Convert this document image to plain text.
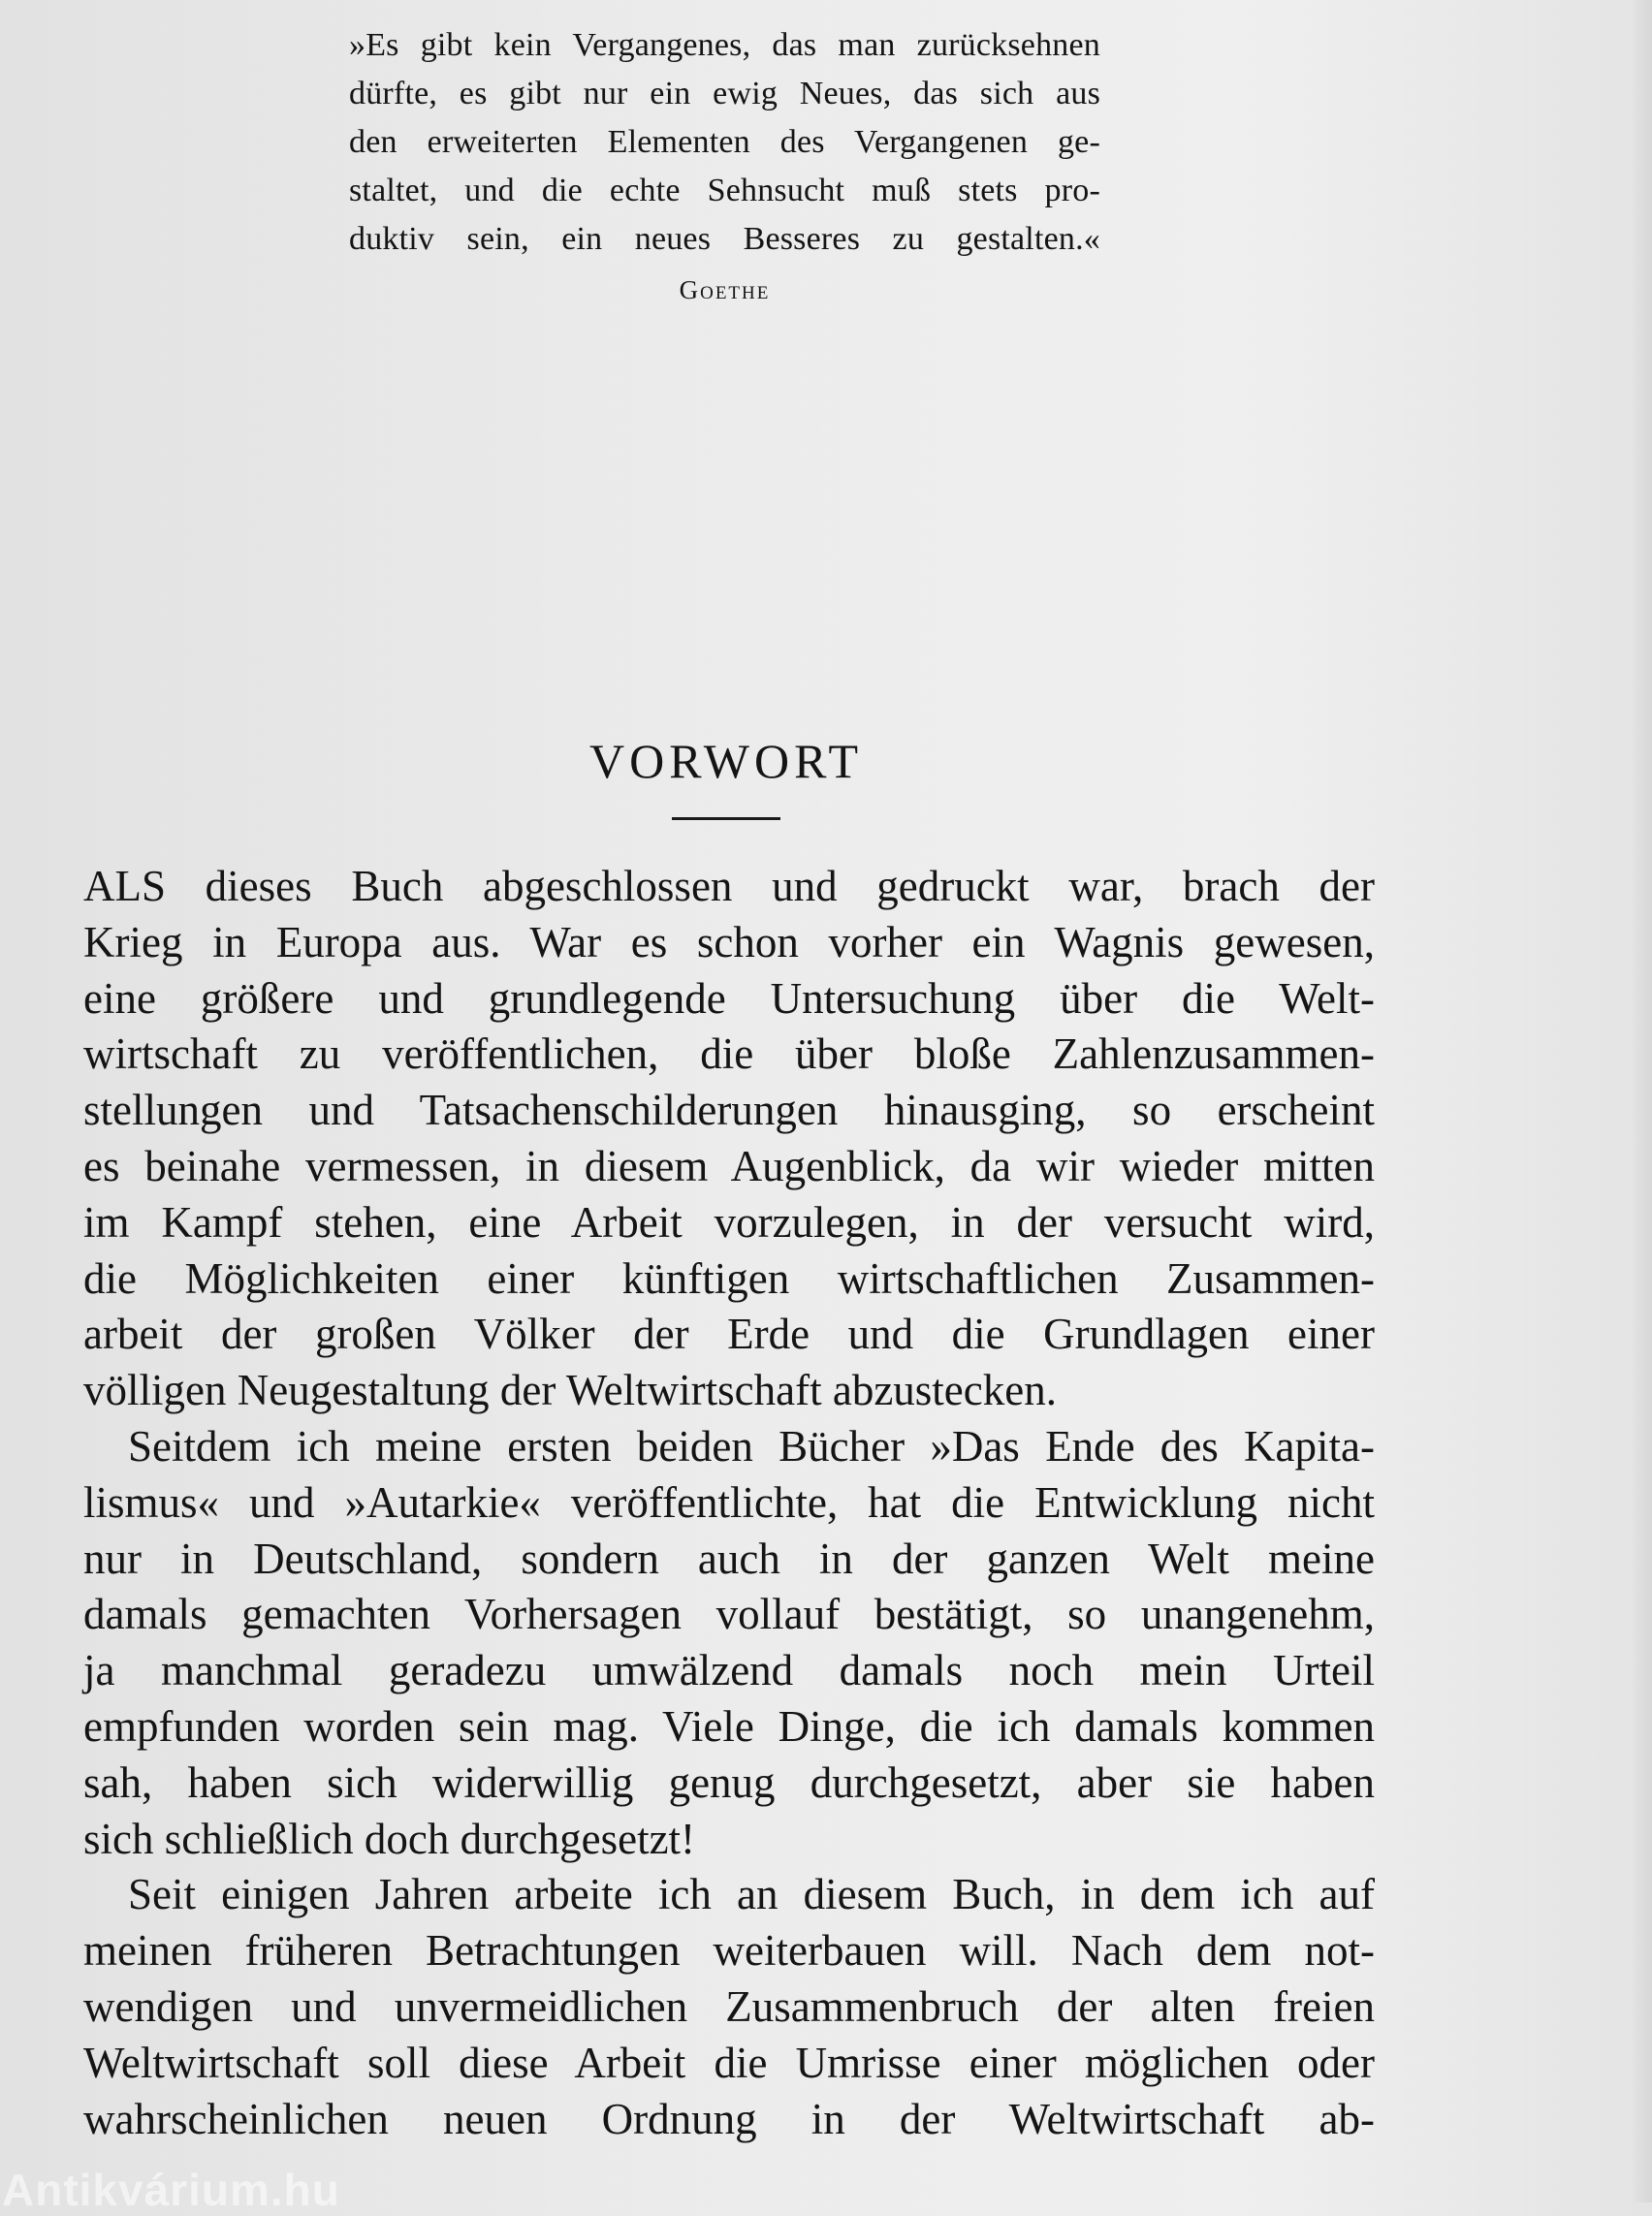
»Es gibt kein Vergangenes, das man zurücksehnen
dürfte, es gibt nur ein ewig Neues, das sich aus
den erweiterten Elementen des Vergangenen ge-
staltet, und die echte Sehnsucht muß stets pro-
duktiv sein, ein neues Besseres zu gestalten.«
Goethe
VORWORT
ALS dieses Buch abgeschlossen und gedruckt war, brach der
Krieg in Europa aus. War es schon vorher ein Wagnis gewesen,
eine größere und grundlegende Untersuchung über die Welt-
wirtschaft zu veröffentlichen, die über bloße Zahlenzusammen-
stellungen und Tatsachenschilderungen hinausging, so erscheint
es beinahe vermessen, in diesem Augenblick, da wir wieder mitten
im Kampf stehen, eine Arbeit vorzulegen, in der versucht wird,
die Möglichkeiten einer künftigen wirtschaftlichen Zusammen-
arbeit der großen Völker der Erde und die Grundlagen einer
völligen Neugestaltung der Weltwirtschaft abzustecken.
Seitdem ich meine ersten beiden Bücher »Das Ende des Kapita-
lismus« und »Autarkie« veröffentlichte, hat die Entwicklung nicht
nur in Deutschland, sondern auch in der ganzen Welt meine
damals gemachten Vorhersagen vollauf bestätigt, so unangenehm,
ja manchmal geradezu umwälzend damals noch mein Urteil
empfunden worden sein mag. Viele Dinge, die ich damals kommen
sah, haben sich widerwillig genug durchgesetzt, aber sie haben
sich schließlich doch durchgesetzt!
Seit einigen Jahren arbeite ich an diesem Buch, in dem ich auf
meinen früheren Betrachtungen weiterbauen will. Nach dem not-
wendigen und unvermeidlichen Zusammenbruch der alten freien
Weltwirtschaft soll diese Arbeit die Umrisse einer möglichen oder
wahrscheinlichen neuen Ordnung in der Weltwirtschaft ab-
Antikvárium.hu
